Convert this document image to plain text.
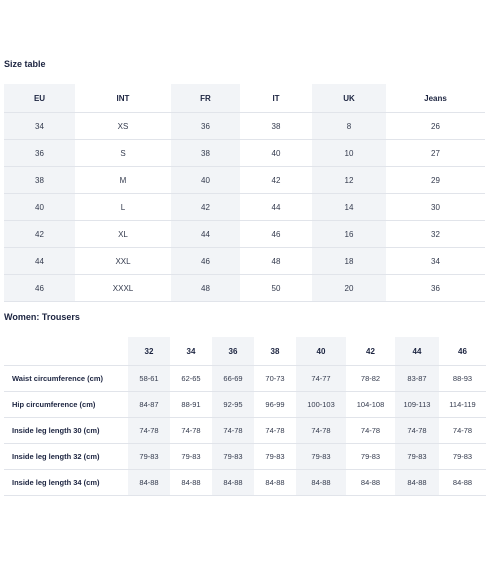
Size table
EU	INT	FR	IT	UK	Jeans
34	XS	36	38	8	26
36	S	38	40	10	27
38	M	40	42	12	29
40	L	42	44	14	30
42	XL	44	46	16	32
44	XXL	46	48	18	34
46	XXXL	48	50	20	36
Women: Trousers
	32	34	36	38	40	42	44	46
Waist circumference (cm)	58-61	62-65	66-69	70-73	74-77	78-82	83-87	88-93
Hip circumference (cm)	84-87	88-91	92-95	96-99	100-103	104-108	109-113	114-119
Inside leg length 30 (cm)	74-78	74-78	74-78	74-78	74-78	74-78	74-78	74-78
Inside leg length 32 (cm)	79-83	79-83	79-83	79-83	79-83	79-83	79-83	79-83
Inside leg length 34 (cm)	84-88	84-88	84-88	84-88	84-88	84-88	84-88	84-88
